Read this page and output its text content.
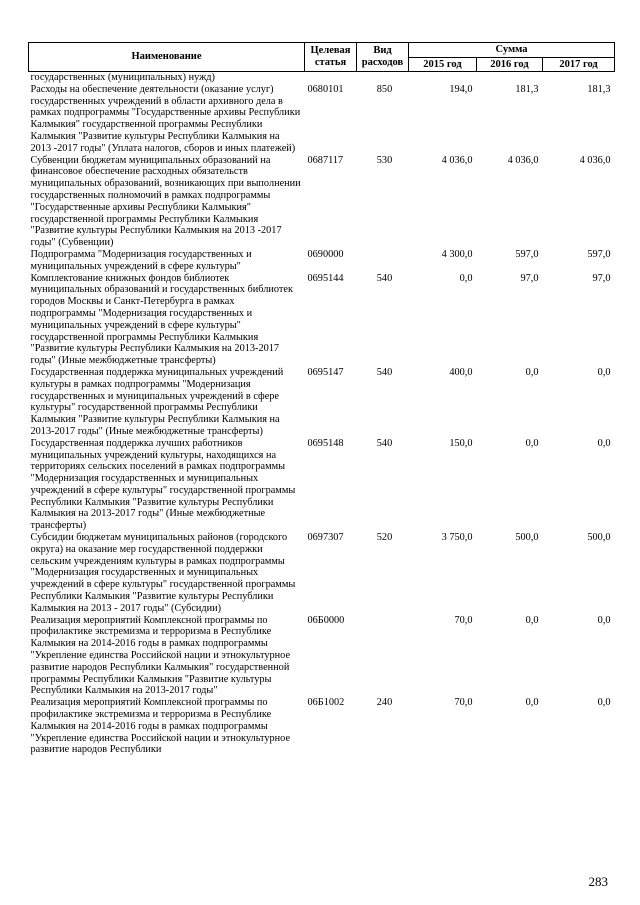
Наименование	Целевая статья	Вид расходов	Сумма		
			2015 год	2016 год	2017 год
государственных (муниципальных) нужд)					
Расходы на обеспечение деятельности (оказание услуг) государственных учреждений в области архивного дела в рамках подпрограммы "Государственные архивы Республики Калмыкия" государственной программы Республики Калмыкия "Развитие культуры Республики Калмыкия на 2013 -2017 годы" (Уплата налогов, сборов и иных платежей)	0680101	850	194,0	181,3	181,3
Субвенции бюджетам муниципальных образований на финансовое обеспечение расходных обязательств муниципальных образований, возникающих при выполнении государственных полномочий в рамках подпрограммы "Государственные архивы Республики Калмыкия" государственной программы Республики Калмыкия "Развитие культуры Республики Калмыкия на 2013 -2017 годы" (Субвенции)	0687117	530	4 036,0	4 036,0	4 036,0
Подпрограмма "Модернизация государственных и муниципальных учреждений в сфере культуры"	0690000		4 300,0	597,0	597,0
Комплектование книжных фондов библиотек муниципальных образований и государственных библиотек городов Москвы и Санкт-Петербурга в рамках подпрограммы "Модернизация государственных и муниципальных учреждений в сфере культуры" государственной программы Республики Калмыкия "Развитие культуры Республики Калмыкия на 2013-2017 годы" (Иные межбюджетные трансферты)	0695144	540	0,0	97,0	97,0
Государственная поддержка муниципальных учреждений культуры в рамках подпрограммы "Модернизация государственных и муниципальных учреждений в сфере культуры" государственной программы Республики Калмыкия "Развитие культуры Республики Калмыкия на 2013-2017 годы" (Иные межбюджетные трансферты)	0695147	540	400,0	0,0	0,0
Государственная поддержка лучших работников муниципальных учреждений культуры, находящихся на территориях сельских поселений в рамках подпрограммы "Модернизация государственных и муниципальных учреждений в сфере культуры" государственной программы Республики Калмыкия "Развитие культуры Республики Калмыкия на 2013-2017 годы" (Иные межбюджетные трансферты)	0695148	540	150,0	0,0	0,0
Субсидии бюджетам муниципальных районов (городского округа) на оказание мер государственной поддержки сельским учреждениям культуры в рамках подпрограммы "Модернизация государственных и муниципальных учреждений в сфере культуры" государственной программы Республики Калмыкия "Развитие культуры Республики Калмыкия на 2013 - 2017 годы" (Субсидии)	0697307	520	3 750,0	500,0	500,0
Реализация мероприятий Комплексной программы по профилактике экстремизма и терроризма в Республике Калмыкия на 2014-2016 годы в рамках подпрограммы "Укрепление единства Российской нации и этнокультурное развитие народов Республики Калмыкия" государственной программы Республики Калмыкия "Развитие культуры Республики Калмыкия на 2013-2017 годы"	06Б0000		70,0	0,0	0,0
Реализация мероприятий Комплексной программы по профилактике экстремизма и терроризма в Республике Калмыкия на 2014-2016 годы в рамках подпрограммы "Укрепление единства Российской нации и этнокультурное развитие народов Республики	06Б1002	240	70,0	0,0	0,0
283
